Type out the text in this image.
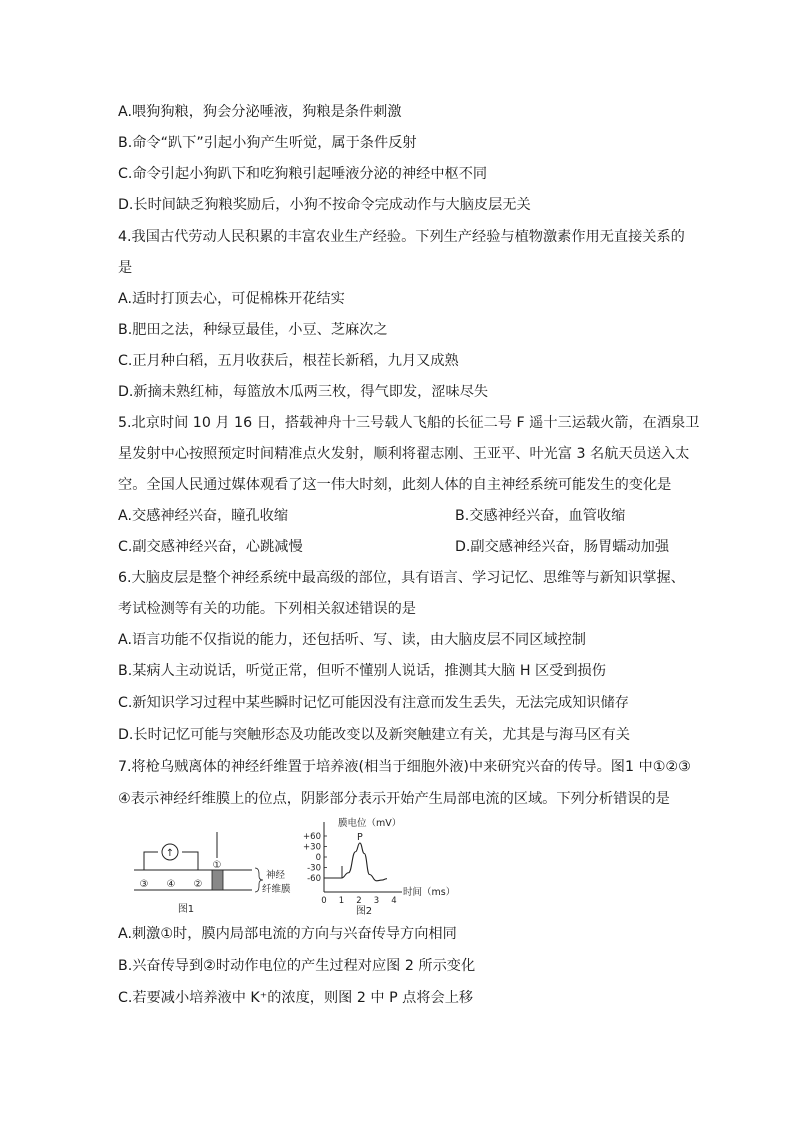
A.喂狗狗粮，狗会分泌唾液，狗粮是条件刺激
B.命令“趴下”引起小狗产生听觉，属于条件反射
C.命令引起小狗趴下和吃狗粮引起唾液分泌的神经中枢不同
D.长时间缺乏狗粮奖励后，小狗不按命令完成动作与大脑皮层无关
4.我国古代劳动人民积累的丰富农业生产经验。下列生产经验与植物激素作用无直接关系的
是
A.适时打顶去心，可促棉株开花结实
B.肥田之法，种绿豆最佳，小豆、芝麻次之
C.正月种白稻，五月收获后，根茬长新稻，九月又成熟
D.新摘未熟红柿，每篮放木瓜两三枚，得气即发，涩味尽失
5.北京时间 10 月 16 日，搭载神舟十三号载人飞船的长征二号 F 遥十三运载火箭，在酒泉卫
星发射中心按照预定时间精准点火发射，顺利将翟志刚、王亚平、叶光富 3 名航天员送入太
空。全国人民通过媒体观看了这一伟大时刻，此刻人体的自主神经系统可能发生的变化是
A.交感神经兴奋，瞳孔收缩	B.交感神经兴奋，血管收缩
C.副交感神经兴奋，心跳减慢	D.副交感神经兴奋，肠胃蠕动加强
6.大脑皮层是整个神经系统中最高级的部位，具有语言、学习记忆、思维等与新知识掌握、
考试检测等有关的功能。下列相关叙述错误的是
A.语言功能不仅指说的能力，还包括听、写、读，由大脑皮层不同区域控制
B.某病人主动说话，听觉正常，但听不懂别人说话，推测其大脑 H 区受到损伤
C.新知识学习过程中某些瞬时记忆可能因没有注意而发生丢失，无法完成知识储存
D.长时记忆可能与突触形态及功能改变以及新突触建立有关，尤其是与海马区有关
7.将枪乌贼离体的神经纤维置于培养液(相当于细胞外液)中来研究兴奋的传导。图1 中①②③
④表示神经纤维膜上的位点，阴影部分表示开始产生局部电流的区域。下列分析错误的是
↑
①
③ ④ ②
神经
纤维膜
图1
膜电位（mV）
时间（ms）
+60
+30
0
-30
-60
0 1 2 3 4
P
图2
A.刺激①时，膜内局部电流的方向与兴奋传导方向相同
B.兴奋传导到②时动作电位的产生过程对应图 2 所示变化
C.若要减小培养液中 K⁺的浓度，则图 2 中 P 点将会上移
